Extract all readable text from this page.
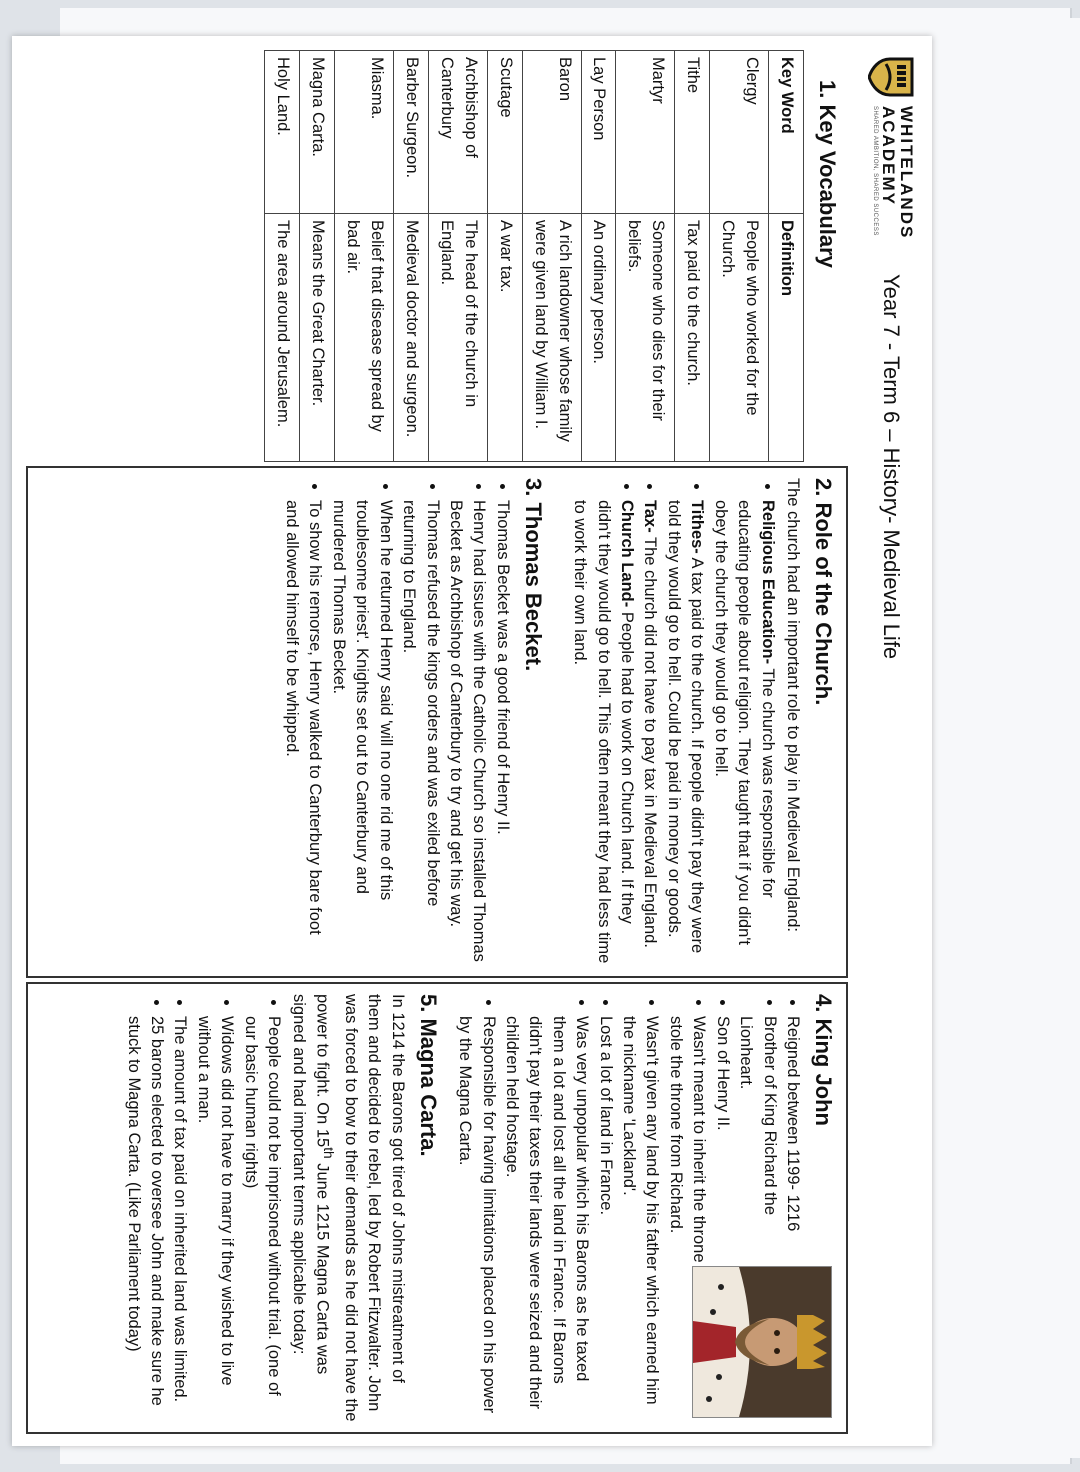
WHITELANDS
ACADEMY
SHARED AMBITION, SHARED SUCCESS
Year 7 - Term 6 – History- Medieval Life
1. Key Vocabulary
Key Word	Definition
Clergy	People who worked for the Church.
Tithe	Tax paid to the church.
Martyr	Someone who dies for their beliefs.
Lay Person	An ordinary person.
Baron	A rich landowner whose family were given land by William I.
Scutage	A war tax.
Archbishop of Canterbury	The head of the church in England.
Barber Surgeon.	Medieval doctor and surgeon.
Miasma.	Belief that disease spread by bad air.
Magna Carta.	Means the Great Charter.
Holy Land.	The area around Jerusalem.
2. Role of the Church.

The church had an important role to play in Medieval England:

• Religious Education- The church was responsible for educating people about religion. They taught that if you didn't obey the church they would go to hell.
• Tithes- A tax paid to the church. If people didn't pay they were told they would go to hell. Could be paid in money or goods.
• Tax- The church did not have to pay tax in Medieval England.
• Church Land- People had to work on Church land. If they didn't they would go to hell. This often meant they had less time to work their own land.
3. Thomas Becket.
• Thomas Becket was a good friend of Henry II.
• Henry had issues with the Catholic Church so installed Thomas Becket as Archbishop of Canterbury to try and get his way.
• Thomas refused the kings orders and was exiled before returning to England.
• When he returned Henry said 'will no one rid me of this troublesome priest'. Knights set out to Canterbury and murdered Thomas Becket.
• To show his remorse, Henry walked to Canterbury bare foot and allowed himself to be whipped.
4. King John
• Reigned between 1199- 1216
• Brother of King Richard the Lionheart.
• Son of Henry II.
• Wasn't meant to inherit the throne stole the throne from Richard.
• Wasn't given any land by his father which earned him the nickname 'Lackland'.
• Lost a lot of land in France.
• Was very unpopular which his Barons as he taxed them a lot and lost all the land in France. If Barons didn't pay their taxes their lands were seized and their children held hostage.
• Responsible for having limitations placed on his power by the Magna Carta.
5. Magna Carta.

In 1214 the Barons got tired of Johns mistreatment of them and decided to rebel, led by Robert Fitzwalter. John was forced to bow to their demands as he did not have the power to fight. On 15th June 1215 Magna Carta was signed and had important terms applicable today:

• People could not be imprisoned without trial. (one of our basic human rights)
• Widows did not have to marry if they wished to live without a man.
• The amount of tax paid on inherited land was limited.
• 25 barons elected to oversee John and make sure he stuck to Magna Carta. (Like Parliament today)
